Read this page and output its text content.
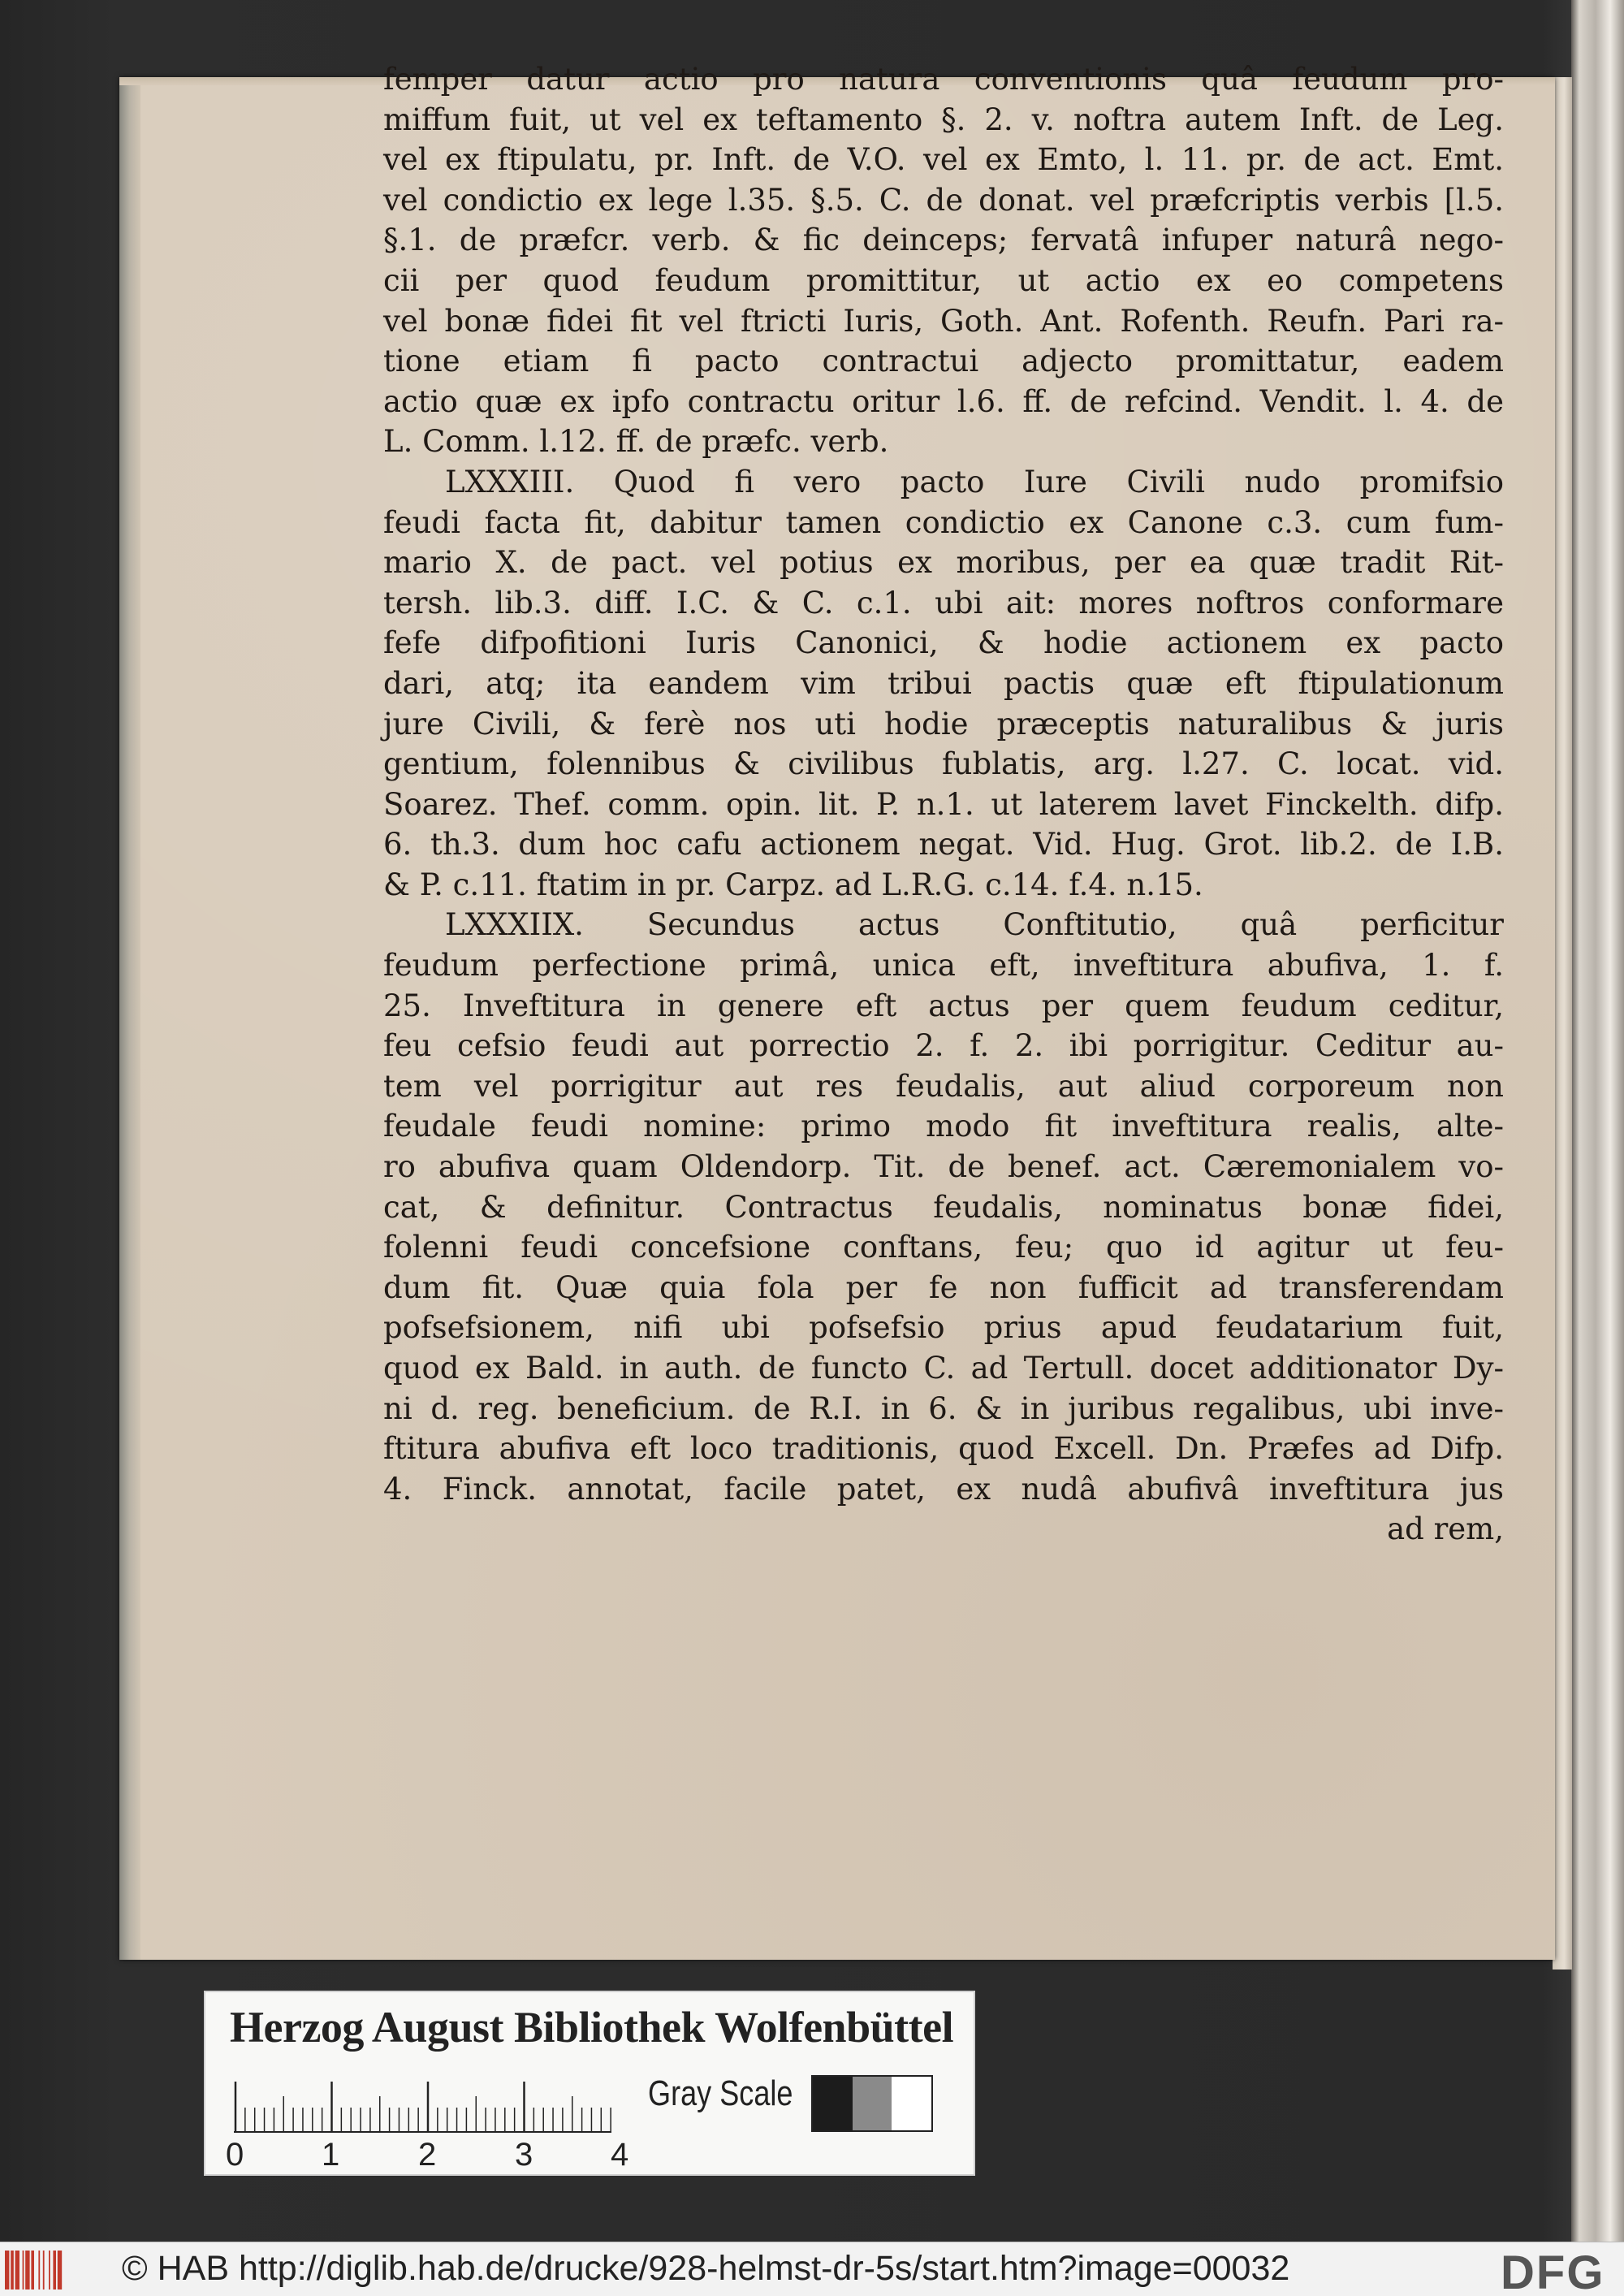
femper datur actio pro natura conventionis quâ feudum pro-
miffum fuit, ut vel ex teftamento §. 2. v. noftra autem Inft. de Leg.
vel ex ftipulatu, pr. Inft. de V.O. vel ex Emto, l. 11. pr. de act. Emt.
vel condictio ex lege l.35. §.5. C. de donat. vel præfcriptis verbis [l.5.
§.1. de præfcr. verb. & fic deinceps; fervatâ infuper naturâ nego-
cii per quod feudum promittitur, ut actio ex eo competens
vel bonæ fidei fit vel ftricti Iuris, Goth. Ant. Rofenth. Reufn. Pari ra-
tione etiam fi pacto contractui adjecto promittatur, eadem
actio quæ ex ipfo contractu oritur l.6. ff. de refcind. Vendit. l. 4. de
L. Comm. l.12. ff. de præfc. verb.
LXXXIII. Quod fi vero pacto Iure Civili nudo promifsio
feudi facta fit, dabitur tamen condictio ex Canone c.3. cum fum-
mario X. de pact. vel potius ex moribus, per ea quæ tradit Rit-
tersh. lib.3. diff. I.C. & C. c.1. ubi ait: mores noftros conformare
fefe difpofitioni Iuris Canonici, & hodie actionem ex pacto
dari, atq; ita eandem vim tribui pactis quæ eft ftipulationum
jure Civili, & ferè nos uti hodie præceptis naturalibus & juris
gentium, folennibus & civilibus fublatis, arg. l.27. C. locat. vid.
Soarez. Thef. comm. opin. lit. P. n.1. ut laterem lavet Finckelth. difp.
6. th.3. dum hoc cafu actionem negat. Vid. Hug. Grot. lib.2. de I.B.
& P. c.11. ftatim in pr. Carpz. ad L.R.G. c.14. f.4. n.15.
LXXXIIX. Secundus actus Conftitutio, quâ perficitur
feudum perfectione primâ, unica eft, inveftitura abufiva, 1. f.
25. Inveftitura in genere eft actus per quem feudum ceditur,
feu cefsio feudi aut porrectio 2. f. 2. ibi porrigitur. Ceditur au-
tem vel porrigitur aut res feudalis, aut aliud corporeum non
feudale feudi nomine: primo modo fit inveftitura realis, alte-
ro abufiva quam Oldendorp. Tit. de benef. act. Cæremonialem vo-
cat, & definitur. Contractus feudalis, nominatus bonæ fidei,
folenni feudi concefsione conftans, feu; quo id agitur ut feu-
dum fit. Quæ quia fola per fe non fufficit ad transferendam
pofsefsionem, nifi ubi pofsefsio prius apud feudatarium fuit,
quod ex Bald. in auth. de functo C. ad Tertull. docet additionator Dy-
ni d. reg. beneficium. de R.I. in 6. & in juribus regalibus, ubi inve-
ftitura abufiva eft loco traditionis, quod Excell. Dn. Præfes ad Difp.
4. Finck. annotat, facile patet, ex nudâ abufivâ inveftitura jus
ad rem,
Herzog August Bibliothek Wolfenbüttel
0 1 2 3 4
Gray Scale
© HAB http://diglib.hab.de/drucke/928-helmst-dr-5s/start.htm?image=00032	DFG
